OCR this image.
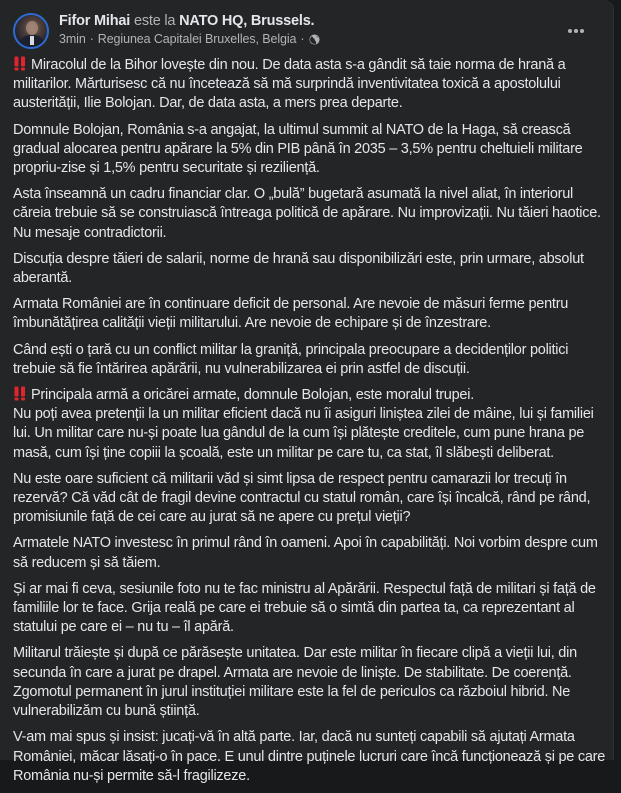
Fifor Mihai este la NATO HQ, Brussels.
3min · Regiunea Capitalei Bruxelles, Belgia ·

Miracolul de la Bihor lovește din nou. De data asta s-a gândit să taie norma de hrană a militarilor. Mărturisesc că nu încetează să mă surprindă inventivitatea toxică a apostolului austerității, Ilie Bolojan. Dar, de data asta, a mers prea departe.

Domnule Bolojan, România s-a angajat, la ultimul summit al NATO de la Haga, să crească gradual alocarea pentru apărare la 5% din PIB până în 2035 – 3,5% pentru cheltuieli militare propriu-zise și 1,5% pentru securitate și reziliență.

Asta înseamnă un cadru financiar clar. O „bulă” bugetară asumată la nivel aliat, în interiorul căreia trebuie să se construiască întreaga politică de apărare. Nu improvizații. Nu tăieri haotice. Nu mesaje contradictorii.

Discuția despre tăieri de salarii, norme de hrană sau disponibilizări este, prin urmare, absolut aberantă.

Armata României are în continuare deficit de personal. Are nevoie de măsuri ferme pentru îmbunătățirea calității vieții militarului. Are nevoie de echipare și de înzestrare.

Când ești o țară cu un conflict militar la graniță, principala preocupare a decidenților politici trebuie să fie întărirea apărării, nu vulnerabilizarea ei prin astfel de discuții.

Principala armă a oricărei armate, domnule Bolojan, este moralul trupei.
Nu poți avea pretenții la un militar eficient dacă nu îi asiguri liniștea zilei de mâine, lui și familiei lui. Un militar care nu-și poate lua gândul de la cum își plătește creditele, cum pune hrana pe masă, cum își ține copiii la școală, este un militar pe care tu, ca stat, îl slăbești deliberat.

Nu este oare suficient că militarii văd și simt lipsa de respect pentru camarazii lor trecuți în rezervă? Că văd cât de fragil devine contractul cu statul român, care își încalcă, rând pe rând, promisiunile față de cei care au jurat să ne apere cu prețul vieții?

Armatele NATO investesc în primul rând în oameni. Apoi în capabilități. Noi vorbim despre cum să reducem și să tăiem.

Și ar mai fi ceva, sesiunile foto nu te fac ministru al Apărării. Respectul față de militari și față de familiile lor te face. Grija reală pe care ei trebuie să o simtă din partea ta, ca reprezentant al statului pe care ei – nu tu – îl apără.

Militarul trăiește și după ce părăsește unitatea. Dar este militar în fiecare clipă a vieții lui, din secunda în care a jurat pe drapel. Armata are nevoie de liniște. De stabilitate. De coerență. Zgomotul permanent în jurul instituției militare este la fel de periculos ca războiul hibrid. Ne vulnerabilizăm cu bună știință.

V-am mai spus și insist: jucați-vă în altă parte. Iar, dacă nu sunteți capabili să ajutați Armata României, măcar lăsați-o în pace. E unul dintre puținele lucruri care încă funcționează și pe care România nu-și permite să-l fragilizeze.
